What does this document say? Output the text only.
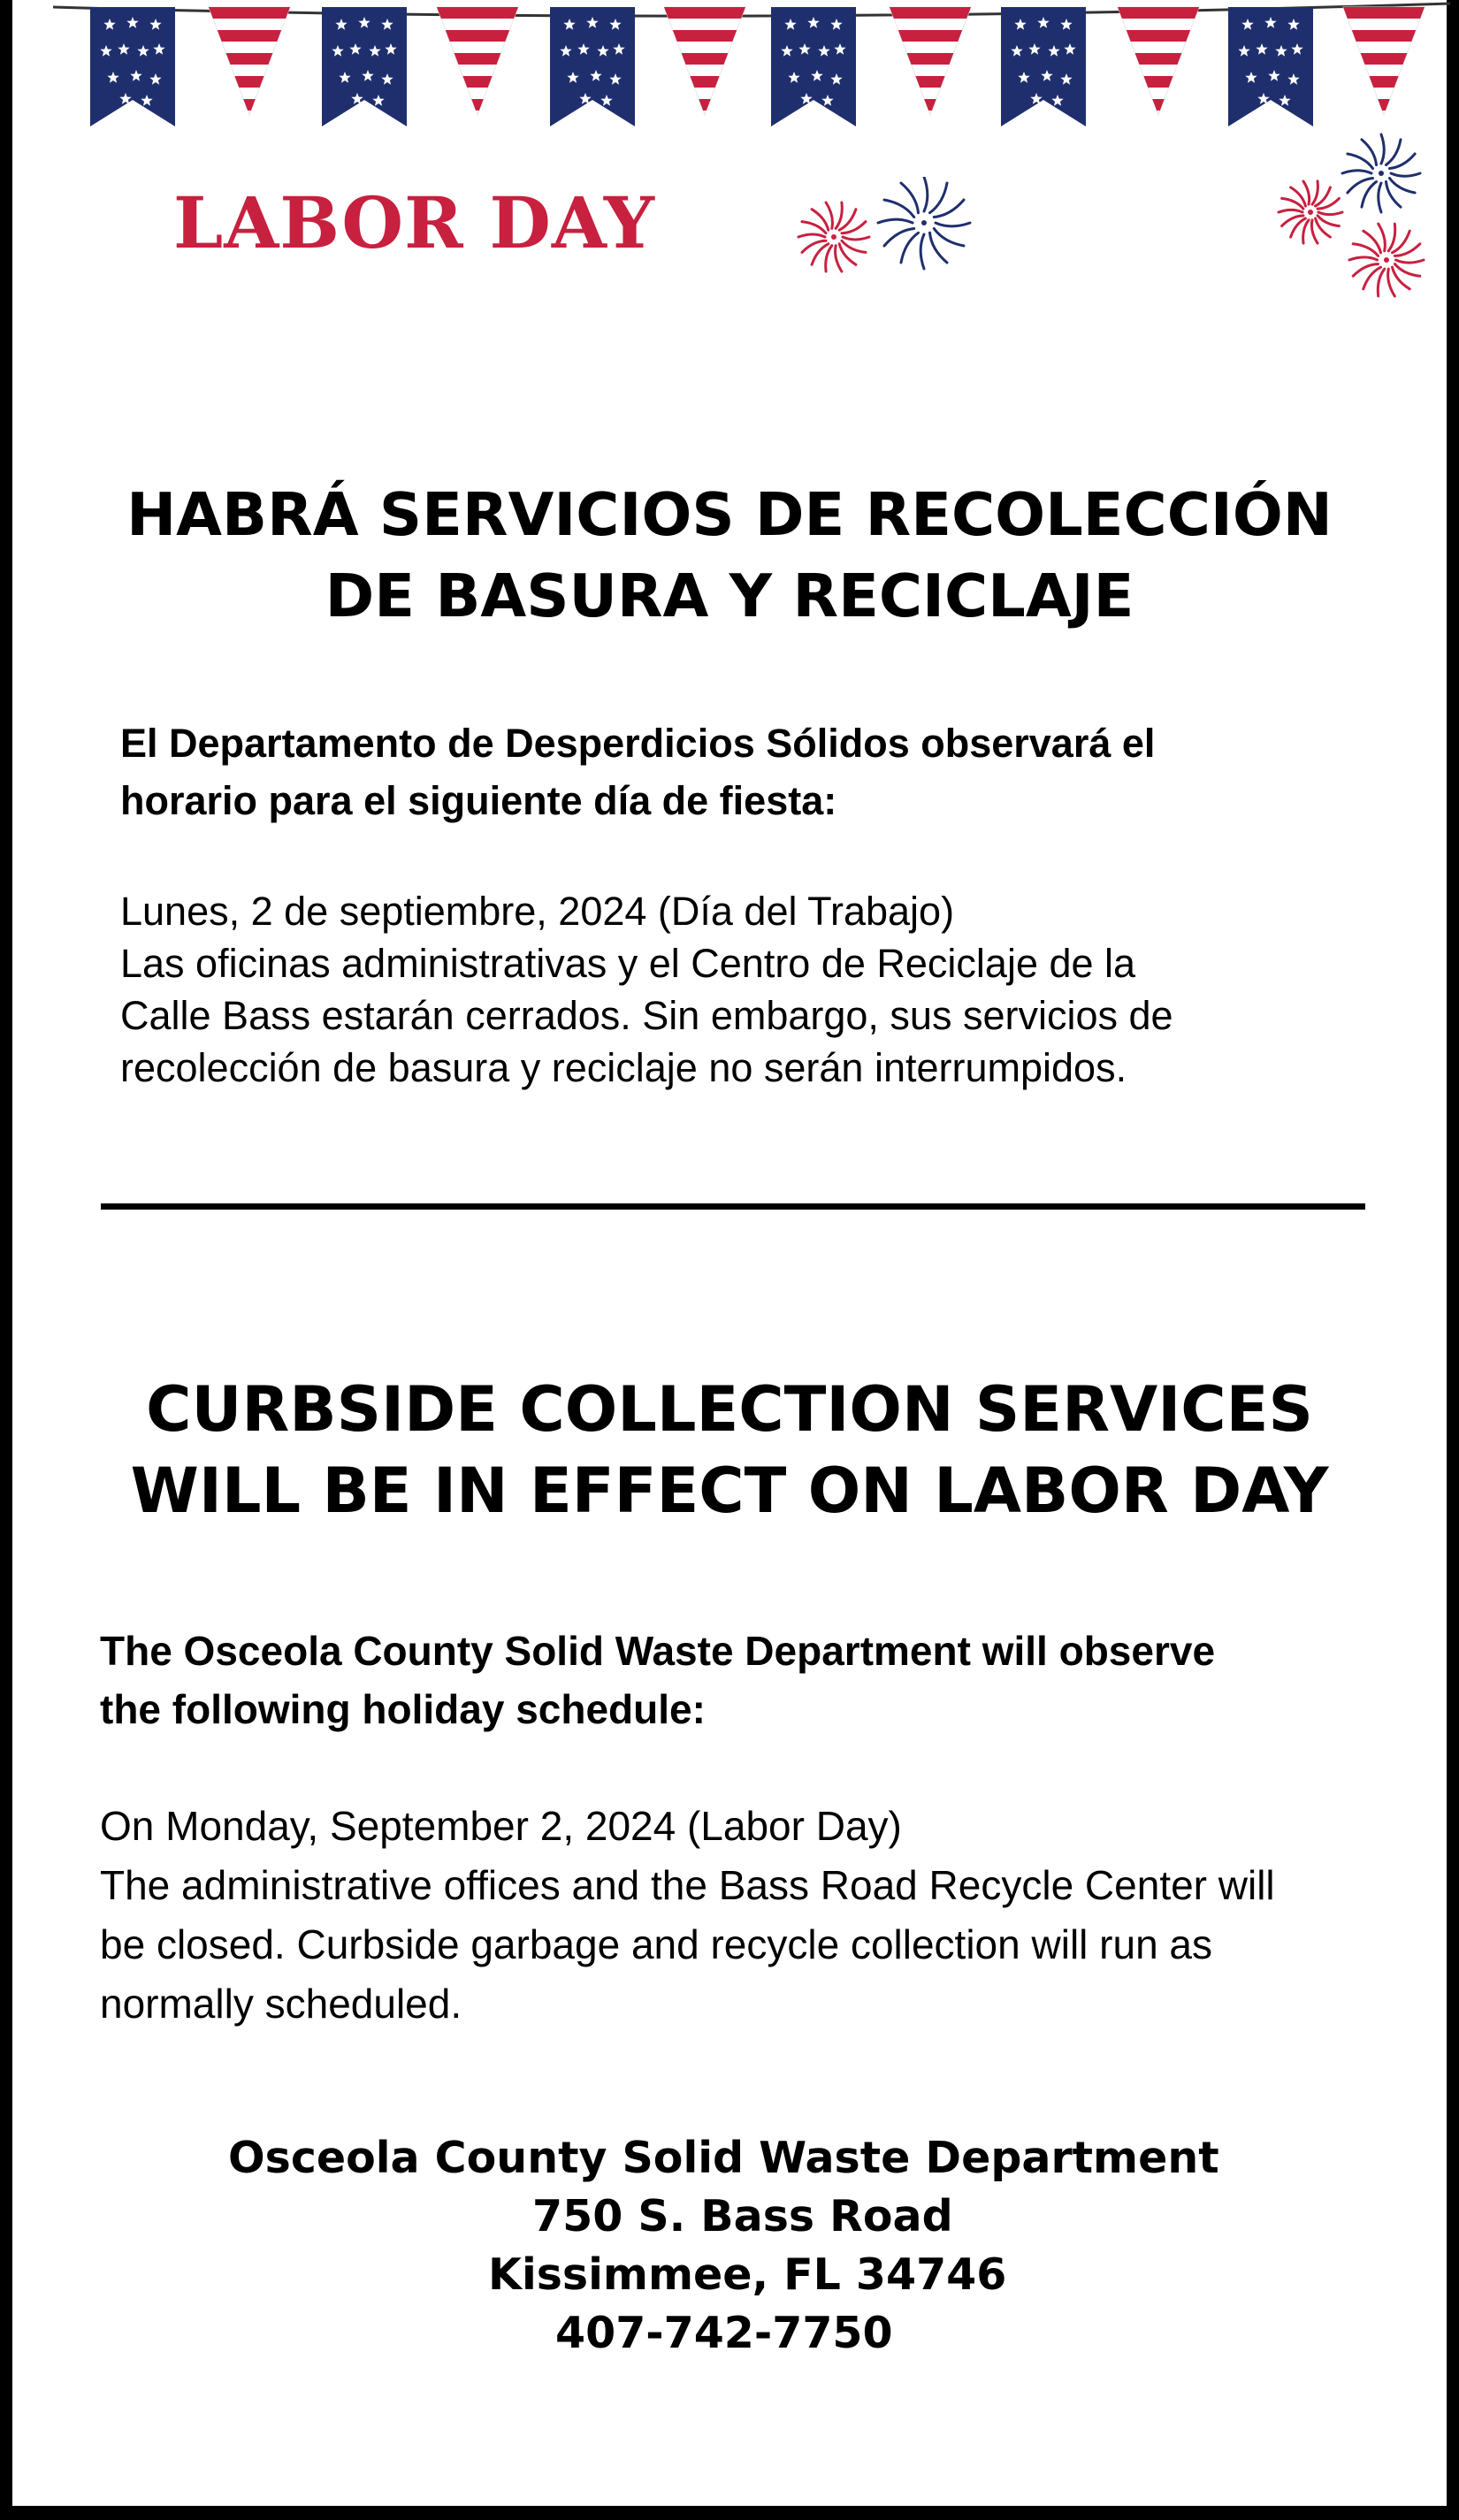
LABOR DAY
HABRÁ SERVICIOS DE RECOLECCIÓN
DE BASURA Y RECICLAJE

El Departamento de Desperdicios Sólidos observará el
horario para el siguiente día de fiesta:

Lunes, 2 de septiembre, 2024 (Día del Trabajo)
Las oficinas administrativas y el Centro de Reciclaje de la
Calle Bass estarán cerrados. Sin embargo, sus servicios de
recolección de basura y reciclaje no serán interrumpidos.

CURBSIDE COLLECTION SERVICES
WILL BE IN EFFECT ON LABOR DAY

The Osceola County Solid Waste Department will observe
the following holiday schedule:

On Monday, September 2, 2024 (Labor Day)
The administrative offices and the Bass Road Recycle Center will
be closed. Curbside garbage and recycle collection will run as
normally scheduled.

Osceola County Solid Waste Department
750 S. Bass Road
Kissimmee, FL 34746
407-742-7750
